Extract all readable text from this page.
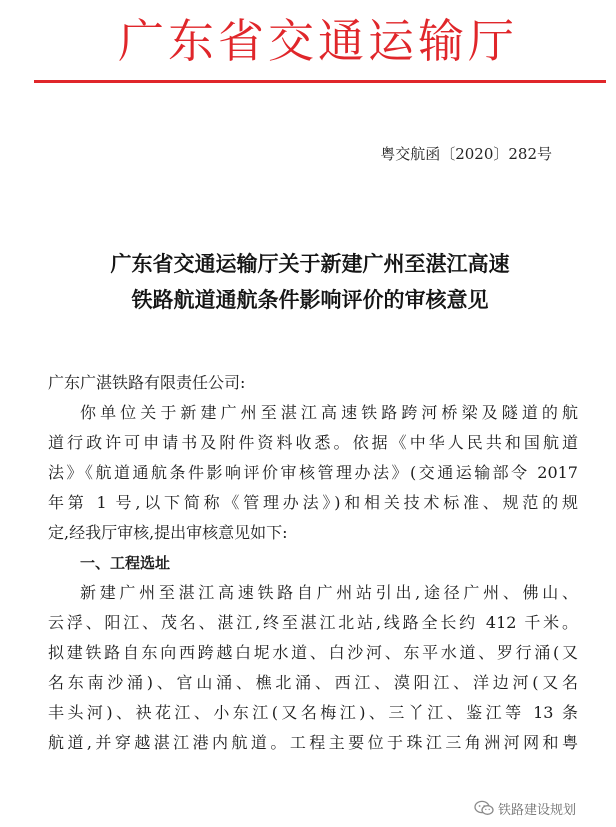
广东省交通运输厅
粤交航函〔2020〕282号
广东省交通运输厅关于新建广州至湛江高速
铁路航道通航条件影响评价的审核意见
广东广湛铁路有限责任公司:
你单位关于新建广州至湛江高速铁路跨河桥梁及隧道的航
道行政许可申请书及附件资料收悉。依据《中华人民共和国航道
法》《航道通航条件影响评价审核管理办法》(交通运输部令 2017
年第 1 号,以下简称《管理办法》)和相关技术标准、规范的规
定,经我厅审核,提出审核意见如下:
一、工程选址
新建广州至湛江高速铁路自广州站引出,途径广州、佛山、
云浮、阳江、茂名、湛江,终至湛江北站,线路全长约 412 千米。
拟建铁路自东向西跨越白坭水道、白沙河、东平水道、罗行涌(又
名东南沙涌)、官山涌、樵北涌、西江、漠阳江、洋边河(又名
丰头河)、袂花江、小东江(又名梅江)、三丫江、鉴江等 13 条
航道,并穿越湛江港内航道。工程主要位于珠江三角洲河网和粤
铁路建设规划
